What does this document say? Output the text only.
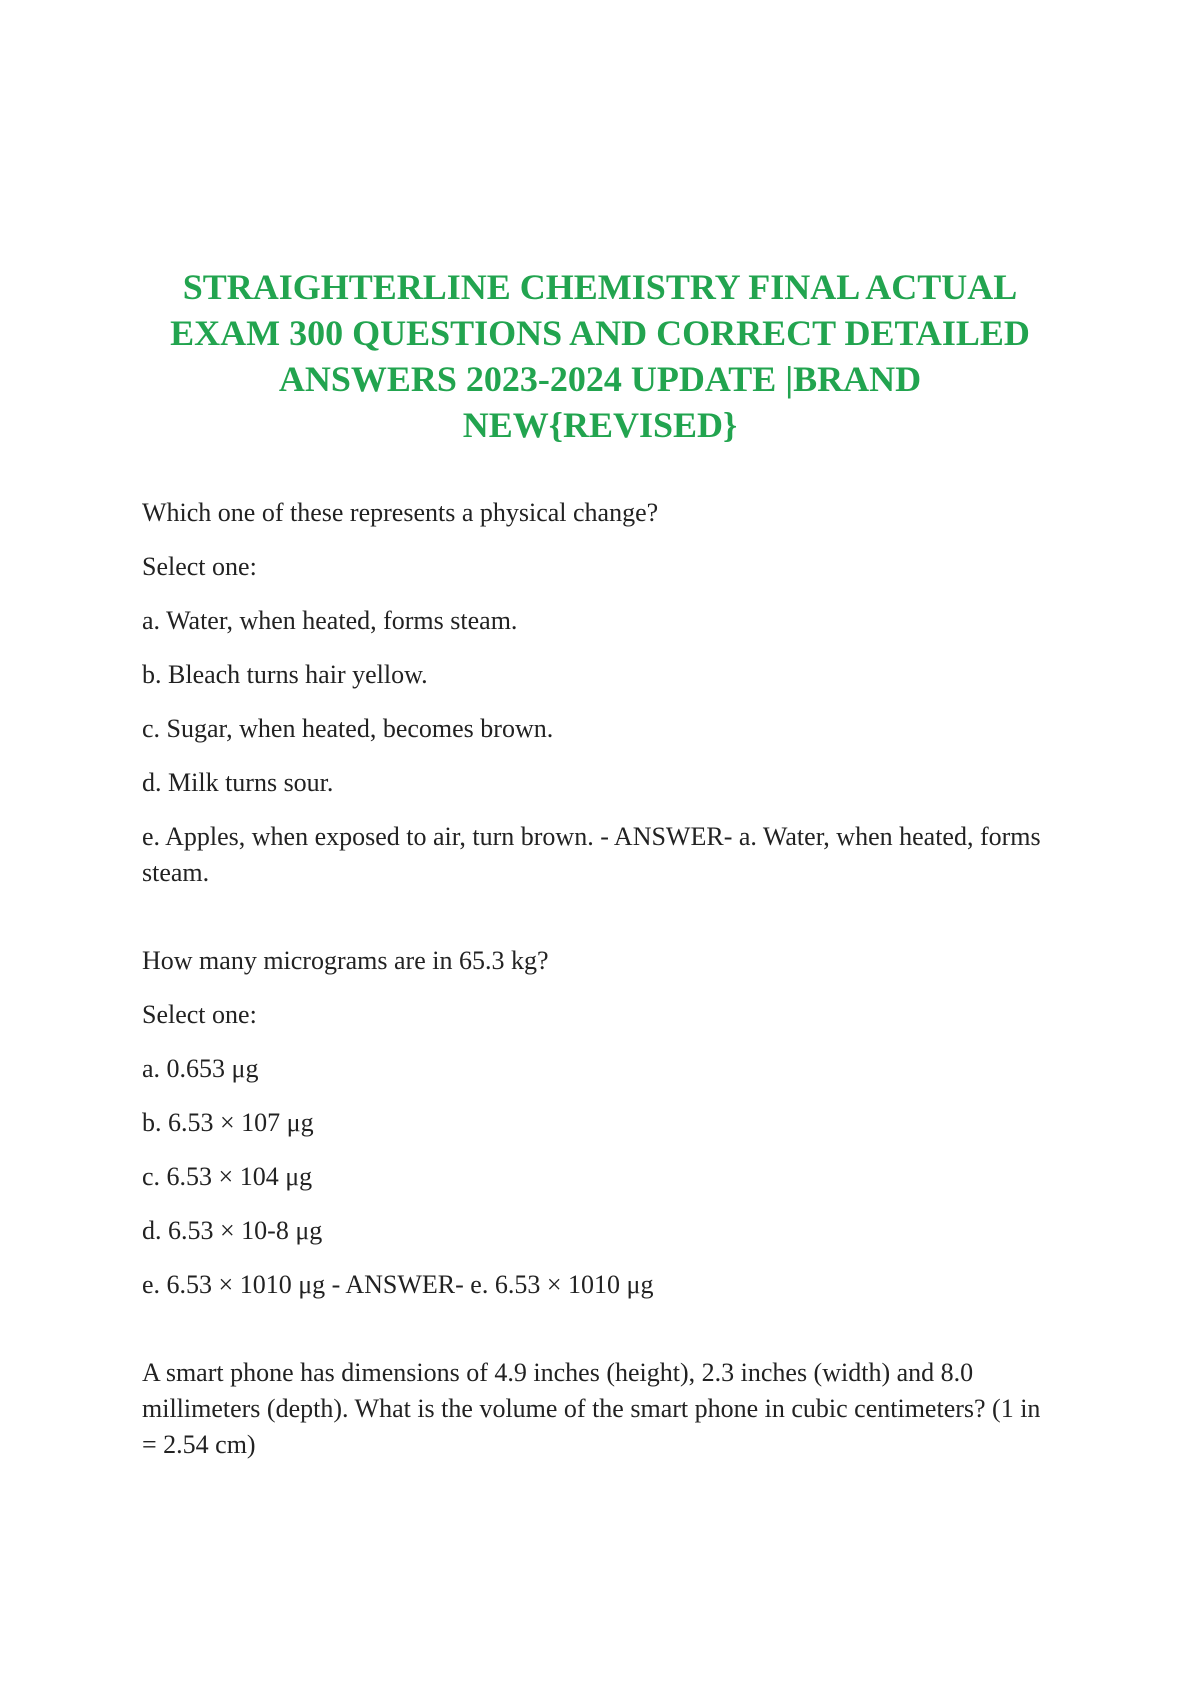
STRAIGHTERLINE CHEMISTRY FINAL ACTUAL EXAM 300 QUESTIONS AND CORRECT DETAILED ANSWERS 2023-2024 UPDATE |BRAND NEW{REVISED}

Which one of these represents a physical change?

Select one:

a. Water, when heated, forms steam.

b. Bleach turns hair yellow.

c. Sugar, when heated, becomes brown.

d. Milk turns sour.

e. Apples, when exposed to air, turn brown. - ANSWER- a. Water, when heated, forms steam.

How many micrograms are in 65.3 kg?

Select one:

a. 0.653 μg

b. 6.53 × 107 μg

c. 6.53 × 104 μg

d. 6.53 × 10-8 μg

e. 6.53 × 1010 μg - ANSWER- e. 6.53 × 1010 μg

A smart phone has dimensions of 4.9 inches (height), 2.3 inches (width) and 8.0 millimeters (depth). What is the volume of the smart phone in cubic centimeters? (1 in = 2.54 cm)
